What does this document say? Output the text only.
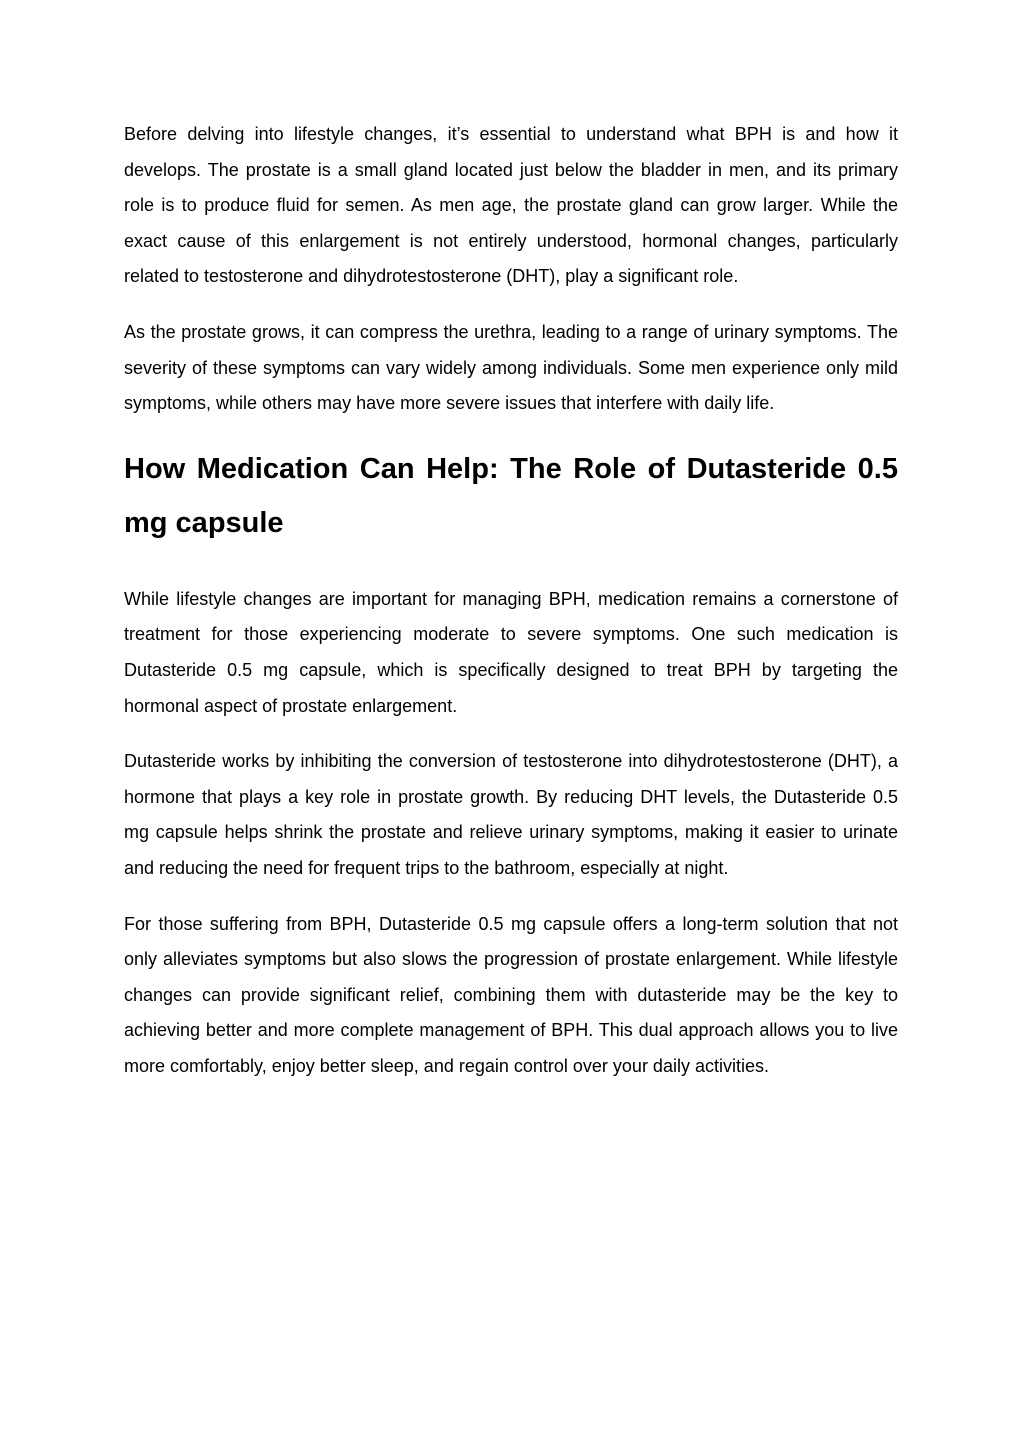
Before delving into lifestyle changes, it’s essential to understand what BPH is and how it develops. The prostate is a small gland located just below the bladder in men, and its primary role is to produce fluid for semen. As men age, the prostate gland can grow larger. While the exact cause of this enlargement is not entirely understood, hormonal changes, particularly related to testosterone and dihydrotestosterone (DHT), play a significant role.

As the prostate grows, it can compress the urethra, leading to a range of urinary symptoms. The severity of these symptoms can vary widely among individuals. Some men experience only mild symptoms, while others may have more severe issues that interfere with daily life.

How Medication Can Help: The Role of Dutasteride 0.5 mg capsule

While lifestyle changes are important for managing BPH, medication remains a cornerstone of treatment for those experiencing moderate to severe symptoms. One such medication is Dutasteride 0.5 mg capsule, which is specifically designed to treat BPH by targeting the hormonal aspect of prostate enlargement.

Dutasteride works by inhibiting the conversion of testosterone into dihydrotestosterone (DHT), a hormone that plays a key role in prostate growth. By reducing DHT levels, the Dutasteride 0.5 mg capsule helps shrink the prostate and relieve urinary symptoms, making it easier to urinate and reducing the need for frequent trips to the bathroom, especially at night.

For those suffering from BPH, Dutasteride 0.5 mg capsule offers a long-term solution that not only alleviates symptoms but also slows the progression of prostate enlargement. While lifestyle changes can provide significant relief, combining them with dutasteride may be the key to achieving better and more complete management of BPH. This dual approach allows you to live more comfortably, enjoy better sleep, and regain control over your daily activities.
